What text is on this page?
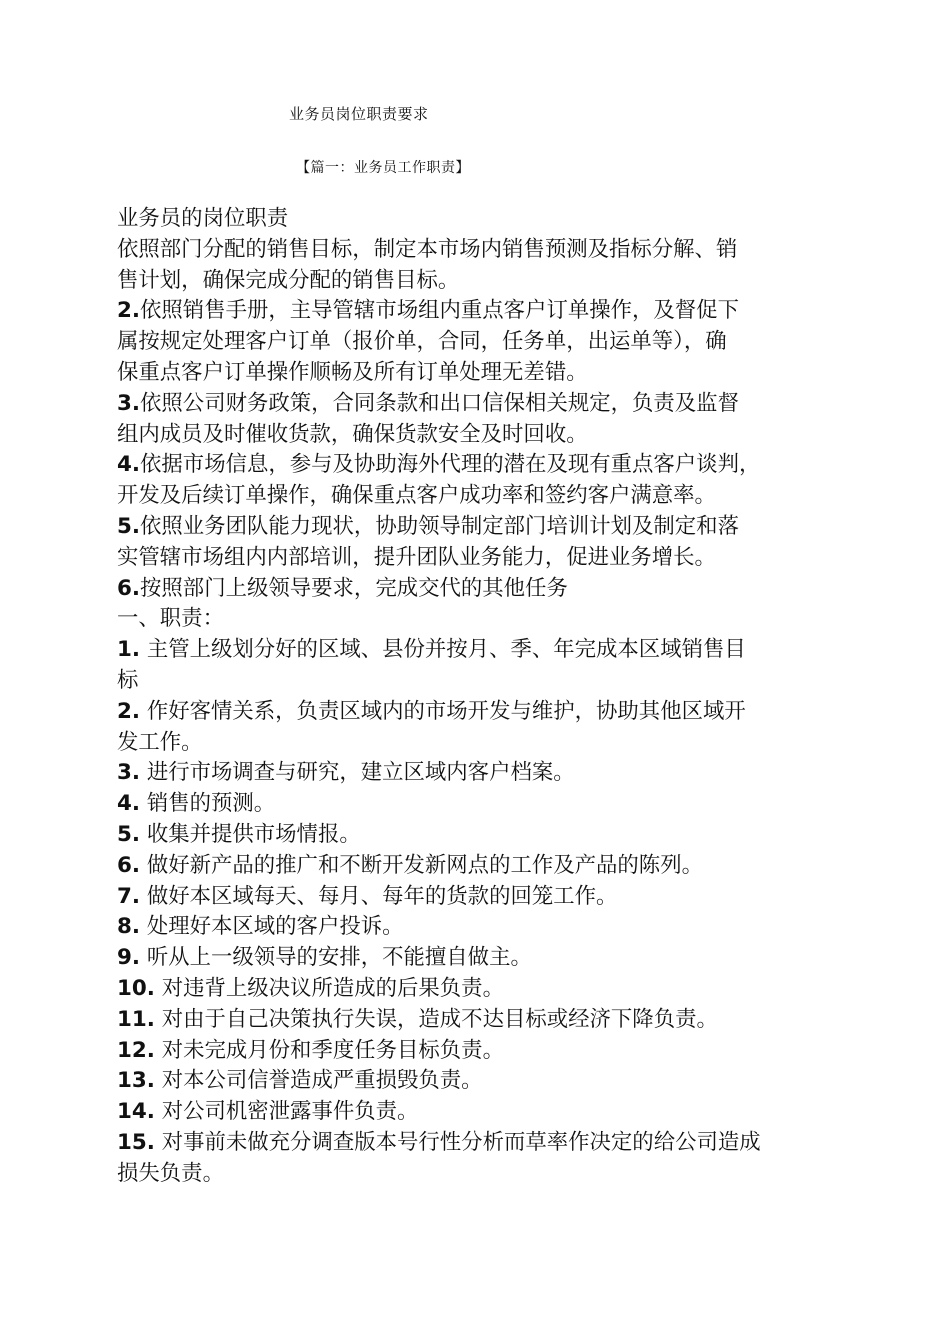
业务员岗位职责要求
【篇一：业务员工作职责】
业务员的岗位职责
依照部门分配的销售目标，制定本市场内销售预测及指标分解、销
售计划，确保完成分配的销售目标。
2.依照销售手册，主导管辖市场组内重点客户订单操作，及督促下
属按规定处理客户订单（报价单，合同，任务单，出运单等），确
保重点客户订单操作顺畅及所有订单处理无差错。
3.依照公司财务政策，合同条款和出口信保相关规定，负责及监督
组内成员及时催收货款，确保货款安全及时回收。
4.依据市场信息，参与及协助海外代理的潜在及现有重点客户谈判，
开发及后续订单操作，确保重点客户成功率和签约客户满意率。
5.依照业务团队能力现状，协助领导制定部门培训计划及制定和落
实管辖市场组内内部培训，提升团队业务能力，促进业务增长。
6.按照部门上级领导要求，完成交代的其他任务
一、职责：
1. 主管上级划分好的区域、县份并按月、季、年完成本区域销售目
标
2. 作好客情关系，负责区域内的市场开发与维护，协助其他区域开
发工作。
3. 进行市场调查与研究，建立区域内客户档案。
4. 销售的预测。
5. 收集并提供市场情报。
6. 做好新产品的推广和不断开发新网点的工作及产品的陈列。
7. 做好本区域每天、每月、每年的货款的回笼工作。
8. 处理好本区域的客户投诉。
9. 听从上一级领导的安排，不能擅自做主。
10. 对违背上级决议所造成的后果负责。
11. 对由于自己决策执行失误，造成不达目标或经济下降负责。
12. 对未完成月份和季度任务目标负责。
13. 对本公司信誉造成严重损毁负责。
14. 对公司机密泄露事件负责。
15. 对事前未做充分调查版本号行性分析而草率作决定的给公司造成
损失负责。
